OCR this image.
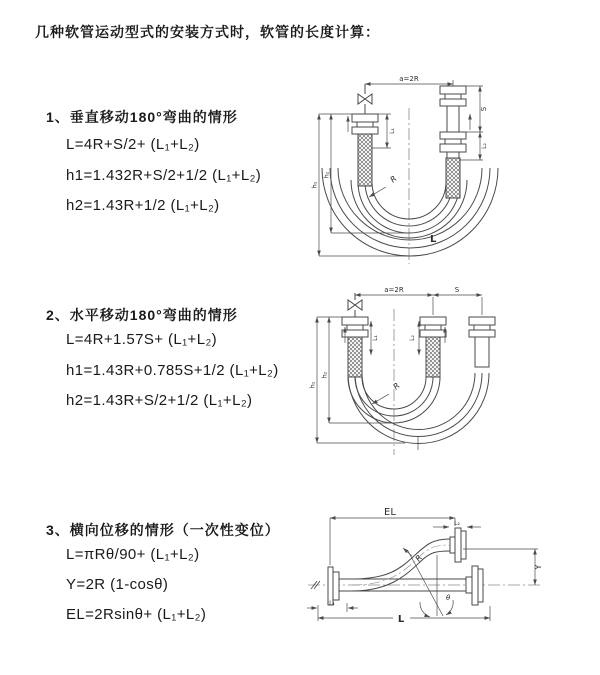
几种软管运动型式的安装方式时，软管的长度计算：
1、垂直移动180°弯曲的情形
L=4R+S/2+ (L₁+L₂)
h1=1.432R+S/2+1/2 (L₁+L₂)
h2=1.43R+1/2 (L₁+L₂)
2、水平移动180°弯曲的情形
L=4R+1.57S+ (L₁+L₂)
h1=1.43R+0.785S+1/2 (L₁+L₂)
h2=1.43R+S/2+1/2 (L₁+L₂)
3、横向位移的情形（一次性变位）
L=πRθ/90+ (L₁+L₂)
Y=2R (1-cosθ)
EL=2Rsinθ+ (L₁+L₂)
a=2R
L₁
h₁
h₂
S
L₂
R
L
a=2R	S
L₁	L₂
h₁
h₂
R
EL
L₂
Y
R
θ
L
L₁
